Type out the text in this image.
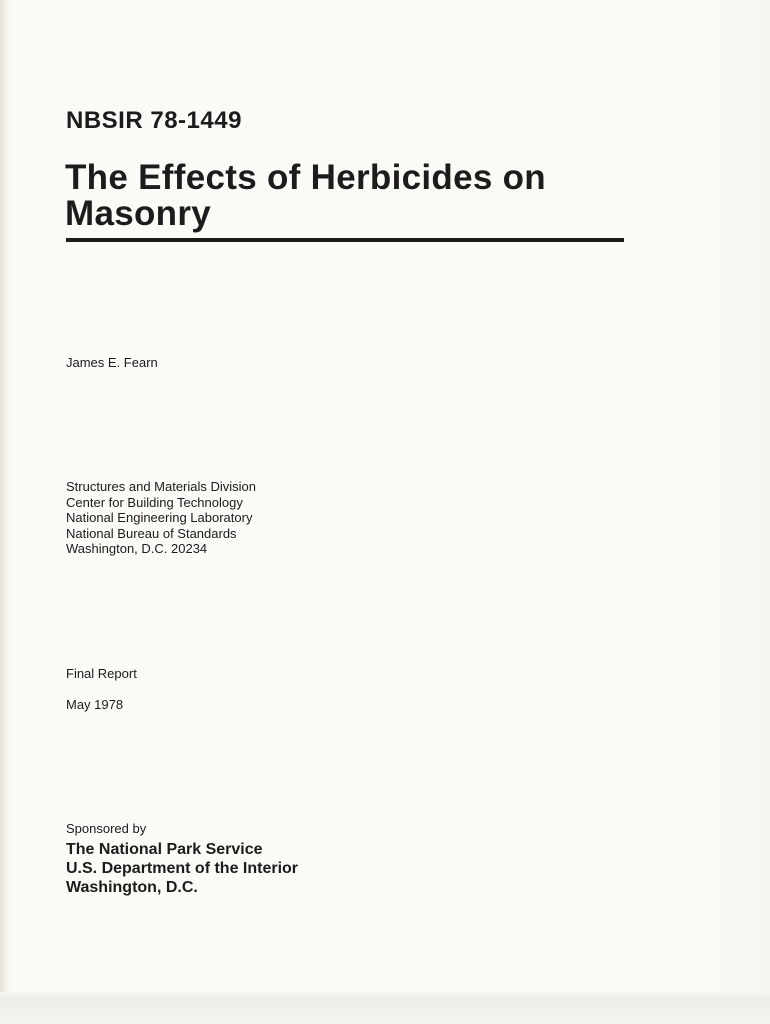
NBSIR 78-1449
The Effects of Herbicides on
Masonry
James E. Fearn
Structures and Materials Division
Center for Building Technology
National Engineering Laboratory
National Bureau of Standards
Washington, D.C. 20234
Final Report
May 1978
Sponsored by
The National Park Service
U.S. Department of the Interior
Washington, D.C.
